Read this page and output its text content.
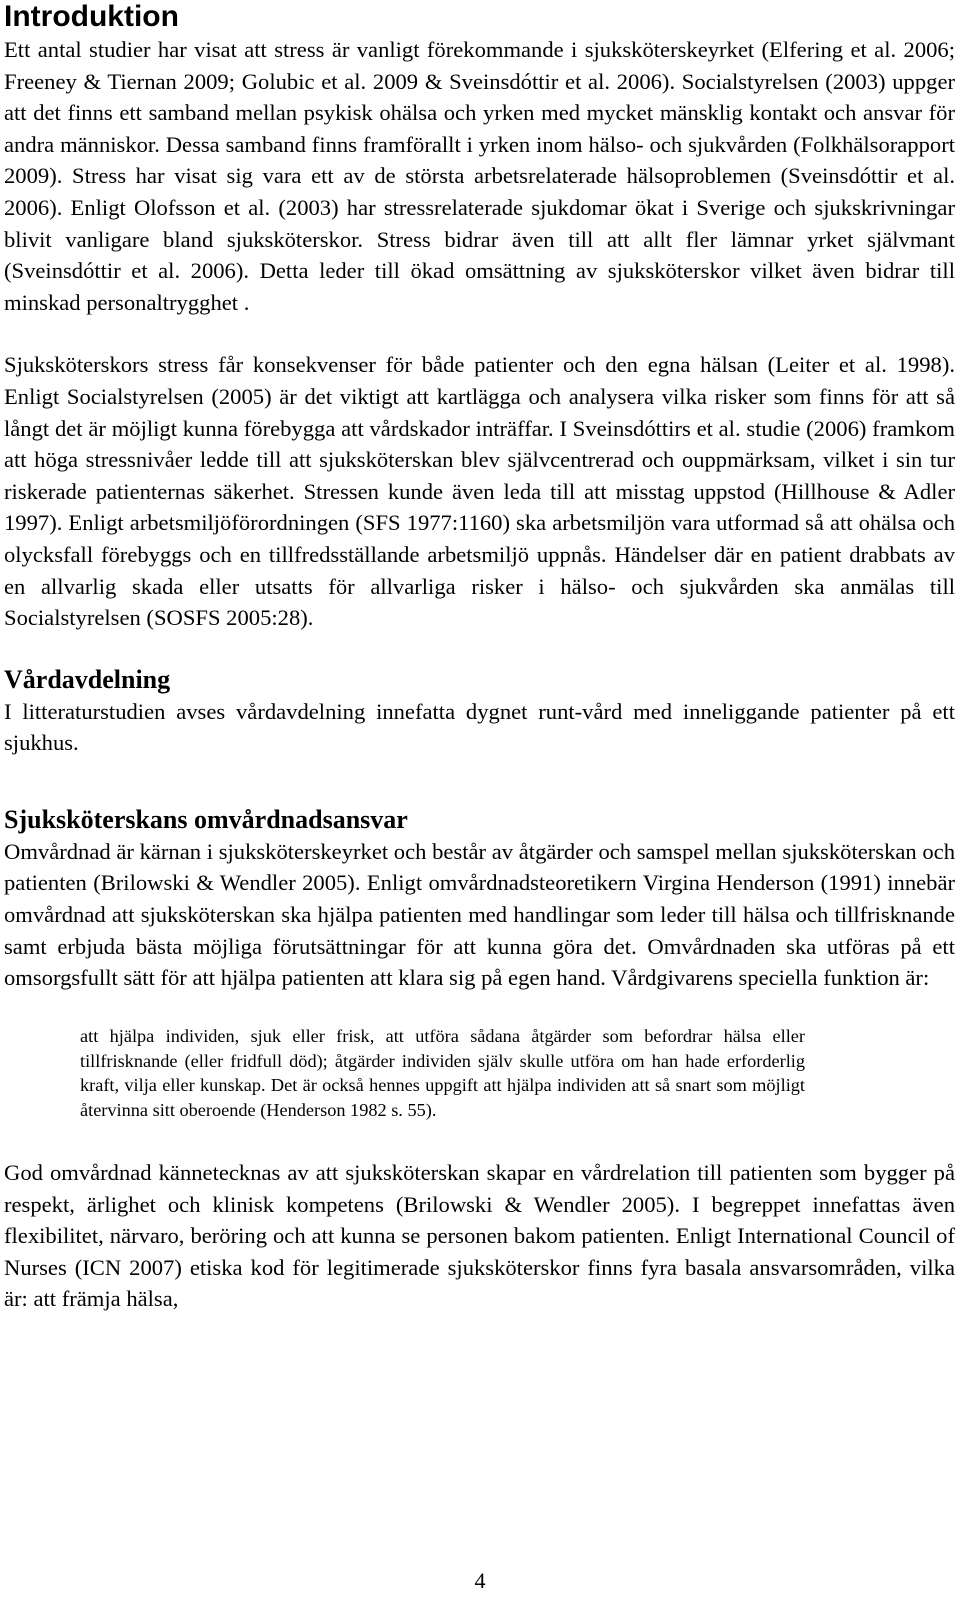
Introduktion

Ett antal studier har visat att stress är vanligt förekommande i sjuksköterskeyrket (Elfering et al. 2006; Freeney & Tiernan 2009; Golubic et al. 2009 & Sveinsdóttir et al. 2006). Socialstyrelsen (2003) uppger att det finns ett samband mellan psykisk ohälsa och yrken med mycket mänsklig kontakt och ansvar för andra människor. Dessa samband finns framförallt i yrken inom hälso- och sjukvården (Folkhälsorapport 2009). Stress har visat sig vara ett av de största arbetsrelaterade hälsoproblemen (Sveinsdóttir et al. 2006). Enligt Olofsson et al. (2003) har stressrelaterade sjukdomar ökat i Sverige och sjukskrivningar blivit vanligare bland sjuksköterskor. Stress bidrar även till att allt fler lämnar yrket självmant (Sveinsdóttir et al. 2006). Detta leder till ökad omsättning av sjuksköterskor vilket även bidrar till minskad personaltrygghet .

Sjuksköterskors stress får konsekvenser för både patienter och den egna hälsan (Leiter et al. 1998). Enligt Socialstyrelsen (2005) är det viktigt att kartlägga och analysera vilka risker som finns för att så långt det är möjligt kunna förebygga att vårdskador inträffar. I Sveinsdóttirs et al. studie (2006) framkom att höga stressnivåer ledde till att sjuksköterskan blev självcentrerad och ouppmärksam, vilket i sin tur riskerade patienternas säkerhet. Stressen kunde även leda till att misstag uppstod (Hillhouse & Adler 1997). Enligt arbetsmiljöförordningen (SFS 1977:1160) ska arbetsmiljön vara utformad så att ohälsa och olycksfall förebyggs och en tillfredsställande arbetsmiljö uppnås. Händelser där en patient drabbats av en allvarlig skada eller utsatts för allvarliga risker i hälso- och sjukvården ska anmälas till Socialstyrelsen (SOSFS 2005:28).

Vårdavdelning

I litteraturstudien avses vårdavdelning innefatta dygnet runt-vård med inneliggande patienter på ett sjukhus.

Sjuksköterskans omvårdnadsansvar

Omvårdnad är kärnan i sjuksköterskeyrket och består av åtgärder och samspel mellan sjuksköterskan och patienten (Brilowski & Wendler 2005). Enligt omvårdnadsteoretikern Virgina Henderson (1991) innebär omvårdnad att sjuksköterskan ska hjälpa patienten med handlingar som leder till hälsa och tillfrisknande samt erbjuda bästa möjliga förutsättningar för att kunna göra det. Omvårdnaden ska utföras på ett omsorgsfullt sätt för att hjälpa patienten att klara sig på egen hand. Vårdgivarens speciella funktion är:

att hjälpa individen, sjuk eller frisk, att utföra sådana åtgärder som befordrar hälsa eller tillfrisknande (eller fridfull död); åtgärder individen själv skulle utföra om han hade erforderlig kraft, vilja eller kunskap. Det är också hennes uppgift att hjälpa individen att så snart som möjligt återvinna sitt oberoende (Henderson 1982 s. 55).

God omvårdnad kännetecknas av att sjuksköterskan skapar en vårdrelation till patienten som bygger på respekt, ärlighet och klinisk kompetens (Brilowski & Wendler 2005). I begreppet innefattas även flexibilitet, närvaro, beröring och att kunna se personen bakom patienten. Enligt International Council of Nurses (ICN 2007) etiska kod för legitimerade sjuksköterskor finns fyra basala ansvarsområden, vilka är: att främja hälsa,

4
